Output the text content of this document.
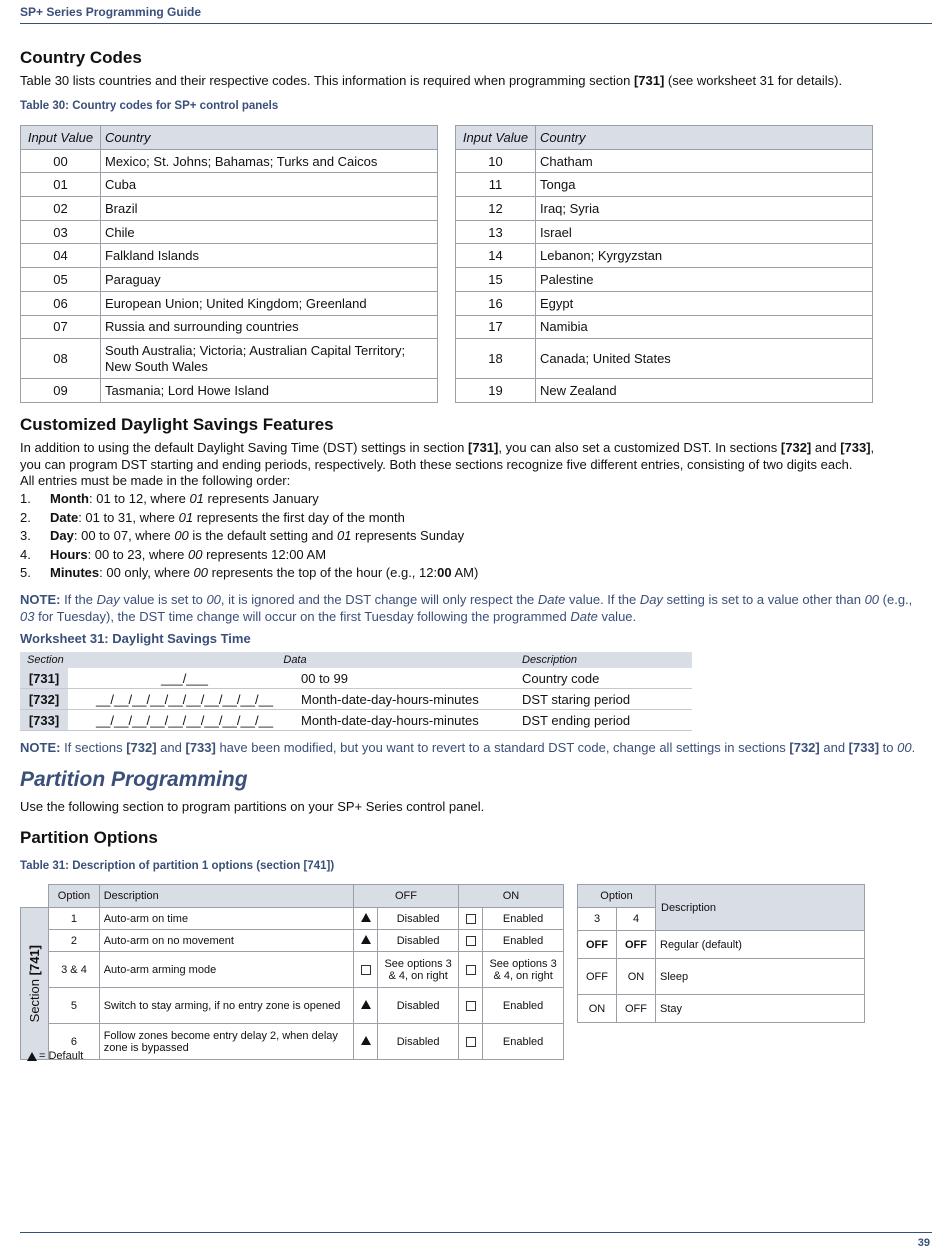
SP+ Series Programming Guide
Country Codes
Table 30 lists countries and their respective codes. This information is required when programming section [731] (see worksheet 31 for details).
Table 30: Country codes for SP+ control panels
Input Value	Country
00	Mexico; St. Johns; Bahamas; Turks and Caicos
01	Cuba
02	Brazil
03	Chile
04	Falkland Islands
05	Paraguay
06	European Union; United Kingdom; Greenland
07	Russia and surrounding countries
08	South Australia; Victoria; Australian Capital Territory; New South Wales
09	Tasmania; Lord Howe Island
Input Value	Country
10	Chatham
11	Tonga
12	Iraq; Syria
13	Israel
14	Lebanon; Kyrgyzstan
15	Palestine
16	Egypt
17	Namibia
18	Canada; United States
19	New Zealand
Customized Daylight Savings Features
In addition to using the default Daylight Saving Time (DST) settings in section [731], you can also set a customized DST. In sections [732] and [733], you can program DST starting and ending periods, respectively. Both these sections recognize five different entries, consisting of two digits each.
All entries must be made in the following order:
1.	Month: 01 to 12, where 01 represents January
2.	Date: 01 to 31, where 01 represents the first day of the month
3.	Day: 00 to 07, where 00 is the default setting and 01 represents Sunday
4.	Hours: 00 to 23, where 00 represents 12:00 AM
5.	Minutes: 00 only, where 00 represents the top of the hour (e.g., 12:00 AM)
NOTE: If the Day value is set to 00, it is ignored and the DST change will only respect the Date value. If the Day setting is set to a value other than 00 (e.g., 03 for Tuesday), the DST time change will occur on the first Tuesday following the programmed Date value.
Worksheet 31: Daylight Savings Time
Section	Data	Description
[731]	___/___	00 to 99	Country code
[732]	__/__/__/__/__/__/__/__/__/__	Month-date-day-hours-minutes	DST staring period
[733]	__/__/__/__/__/__/__/__/__/__	Month-date-day-hours-minutes	DST ending period
NOTE: If sections [732] and [733] have been modified, but you want to revert to a standard DST code, change all settings in sections [732] and [733] to 00.
Partition Programming
Use the following section to program partitions on your SP+ Series control panel.
Partition Options
Table 31: Description of partition 1 options (section [741])
	Option	Description	OFF		ON	

Section [741]	1	Auto-arm on time		Disabled		Enabled
	2	Auto-arm on no movement		Disabled		Enabled
	3 & 4	Auto-arm arming mode		See options 3 & 4, on right		See options 3 & 4, on right
	5	Switch to stay arming, if no entry zone is opened		Disabled		Enabled
	6	Follow zones become entry delay 2, when delay zone is bypassed		Disabled		Enabled
Option		Description
3	4	
OFF	OFF	Regular (default)
OFF	ON	Sleep
ON	OFF	Stay
= Default
39
